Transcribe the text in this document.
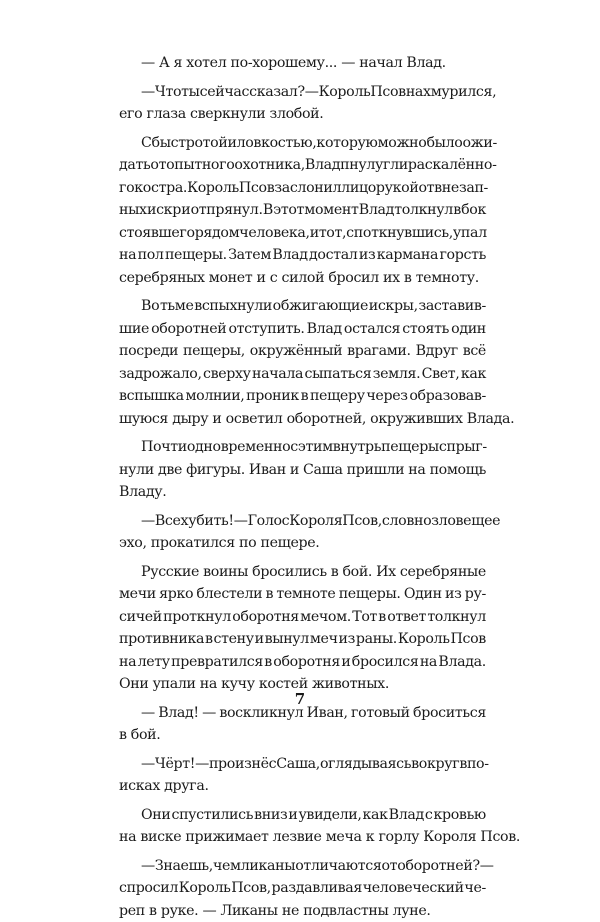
— А я хотел по-хорошему... — начал Влад.
— Что ты сейчас сказал? — Король Псов нахмурился,
его глаза сверкнули злобой.
С быстротой и ловкостью, которую можно было ожи-
дать от опытного охотника, Влад пнул угли раскалённо-
го костра. Король Псов заслонил лицо рукой от внезап-
ных искр и отпрянул. В этот момент Влад толкнул в бок
стоявшего рядом человека, и тот, споткнувшись, упал
на пол пещеры. Затем Влад достал из кармана горсть
серебряных монет и с силой бросил их в темноту.
Во тьме вспыхнули обжигающие искры, заставив-
шие оборотней отступить. Влад остался стоять один
посреди пещеры, окружённый врагами. Вдруг всё
задрожало, сверху начала сыпаться земля. Свет, как
вспышка молнии, проник в пещеру через образовав-
шуюся дыру и осветил оборотней, окруживших Влада.
Почти одновременно с этим внутрь пещеры спрыг-
нули две фигуры. Иван и Саша пришли на помощь
Владу.
— Всех убить! — Голос Короля Псов, словно зловещее
эхо, прокатился по пещере.
Русские воины бросились в бой. Их серебряные
мечи ярко блестели в темноте пещеры. Один из ру-
сичей проткнул оборотня мечом. Тот в ответ толкнул
противника в стену и вынул меч из раны. Король Псов
на лету превратился в оборотня и бросился на Влада.
Они упали на кучу костей животных.
— Влад! — воскликнул Иван, готовый броситься
в бой.
— Чёрт! — произнёс Саша, оглядываясь вокруг в по-
исках друга.
Они спустились вниз и увидели, как Влад с кровью
на виске прижимает лезвие меча к горлу Короля Псов.
— Знаешь, чем ликаны отличаются от оборотней? —
спросил Король Псов, раздавливая человеческий че-
реп в руке. — Ликаны не подвластны луне.
7
